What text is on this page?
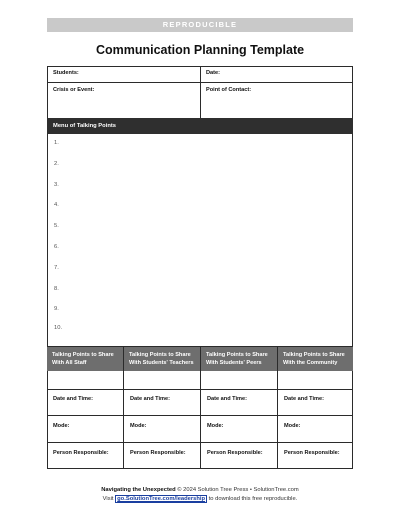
REPRODUCIBLE
Communication Planning Template
Students:	Date:
Crisis or Event:	Point of Contact:
Menu of Talking Points
1.
2.
3.
4.
5.
6.
7.
8.
9.
10.
Talking Points to Share
With All Staff
Talking Points to Share
With Students' Teachers
Talking Points to Share
With Students' Peers
Talking Points to Share
With the Community
Date and Time:	Date and Time:	Date and Time:	Date and Time:
Mode:	Mode:	Mode:	Mode:
Person Responsible:	Person Responsible:	Person Responsible:	Person Responsible:
Navigating the Unexpected © 2024 Solution Tree Press • SolutionTree.com
Visit go.SolutionTree.com/leadership to download this free reproducible.
